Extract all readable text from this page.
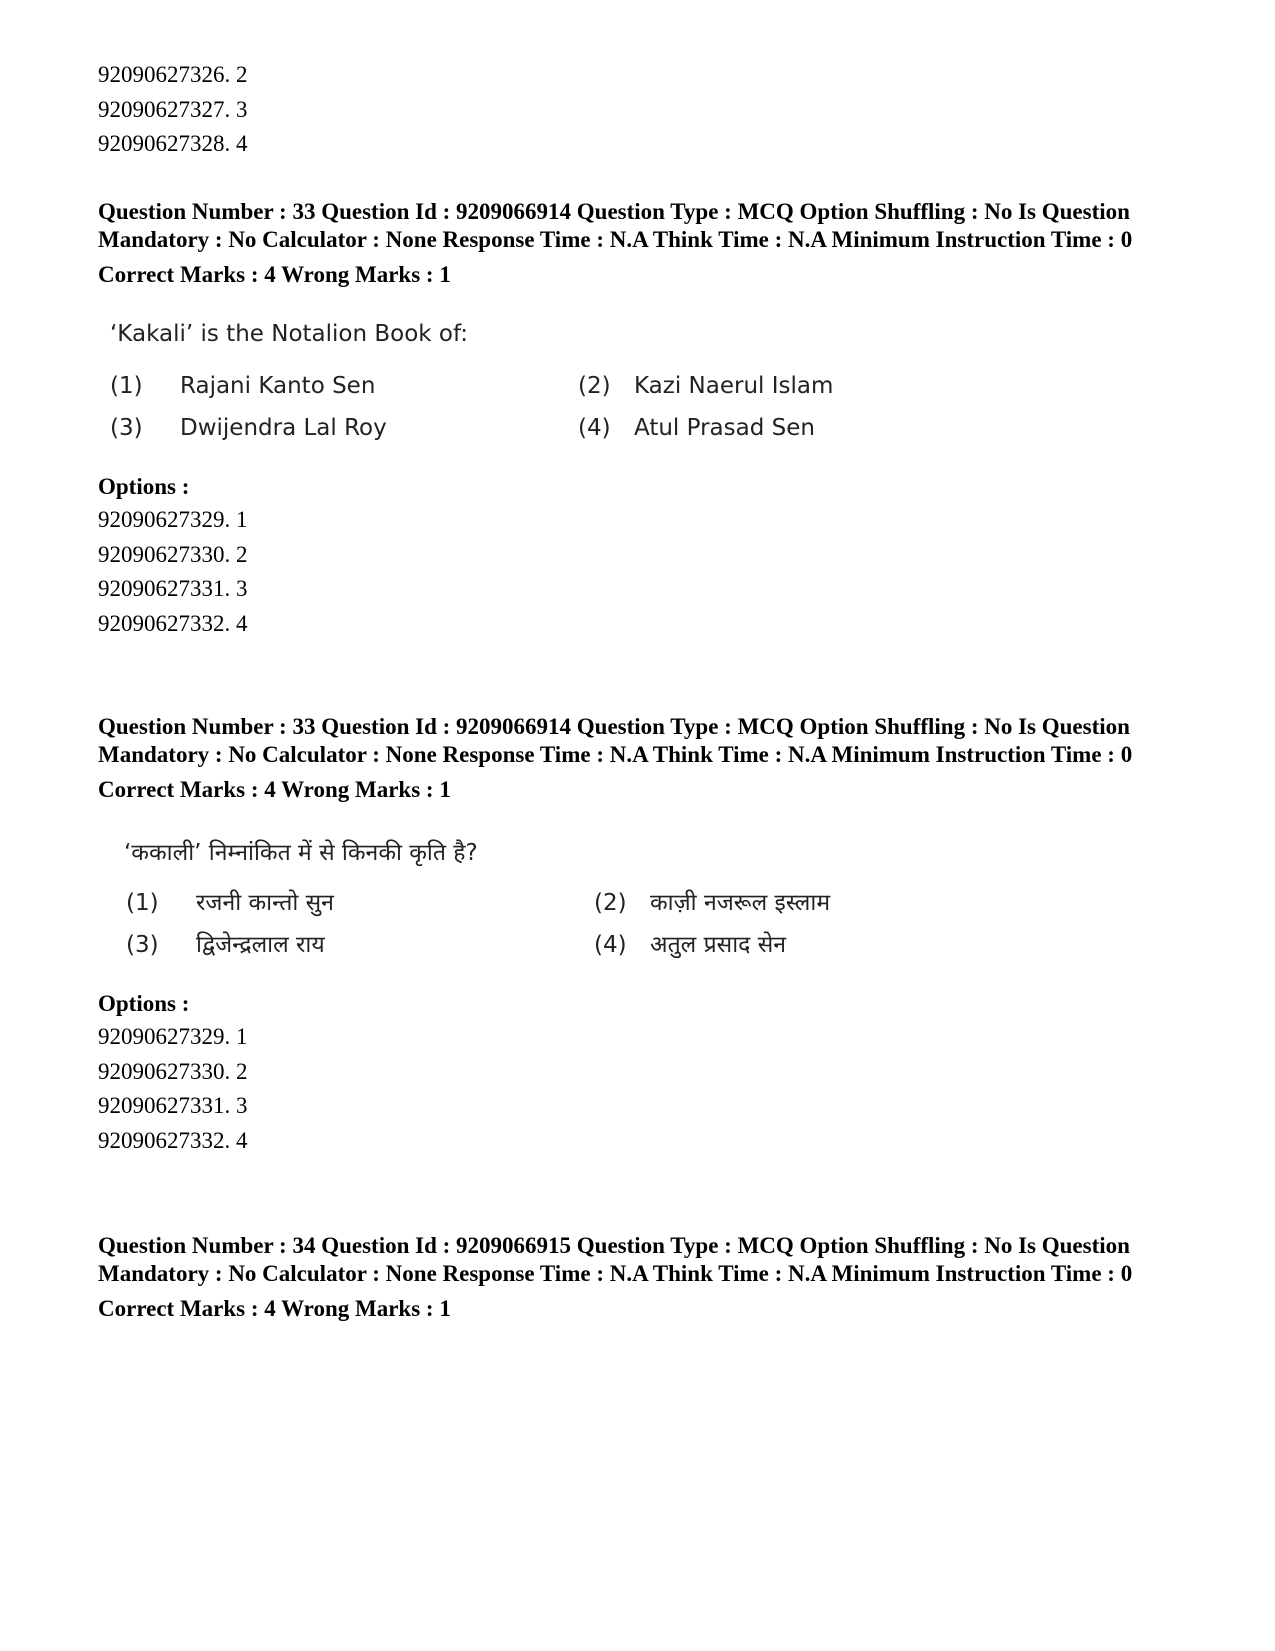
92090627326. 2

92090627327. 3

92090627328. 4

Question Number : 33 Question Id : 9209066914 Question Type : MCQ Option Shuffling : No Is Question Mandatory : No Calculator : None Response Time : N.A Think Time : N.A Minimum Instruction Time : 0

Correct Marks : 4 Wrong Marks : 1

‘Kakali’ is the Notalion Book of:

(1)	Rajani Kanto Sen	(2)	Kazi Naerul Islam
(3)	Dwijendra Lal Roy	(4)	Atul Prasad Sen

Options :

92090627329. 1

92090627330. 2

92090627331. 3

92090627332. 4

Question Number : 33 Question Id : 9209066914 Question Type : MCQ Option Shuffling : No Is Question Mandatory : No Calculator : None Response Time : N.A Think Time : N.A Minimum Instruction Time : 0

Correct Marks : 4 Wrong Marks : 1

‘ककाली’ निम्नांकित में से किनकी कृति है?

(1)	रजनी कान्तो सुन	(2)	काज़ी नजरूल इस्लाम
(3)	द्विजेन्द्रलाल राय	(4)	अतुल प्रसाद सेन

Options :

92090627329. 1

92090627330. 2

92090627331. 3

92090627332. 4

Question Number : 34 Question Id : 9209066915 Question Type : MCQ Option Shuffling : No Is Question Mandatory : No Calculator : None Response Time : N.A Think Time : N.A Minimum Instruction Time : 0

Correct Marks : 4 Wrong Marks : 1
